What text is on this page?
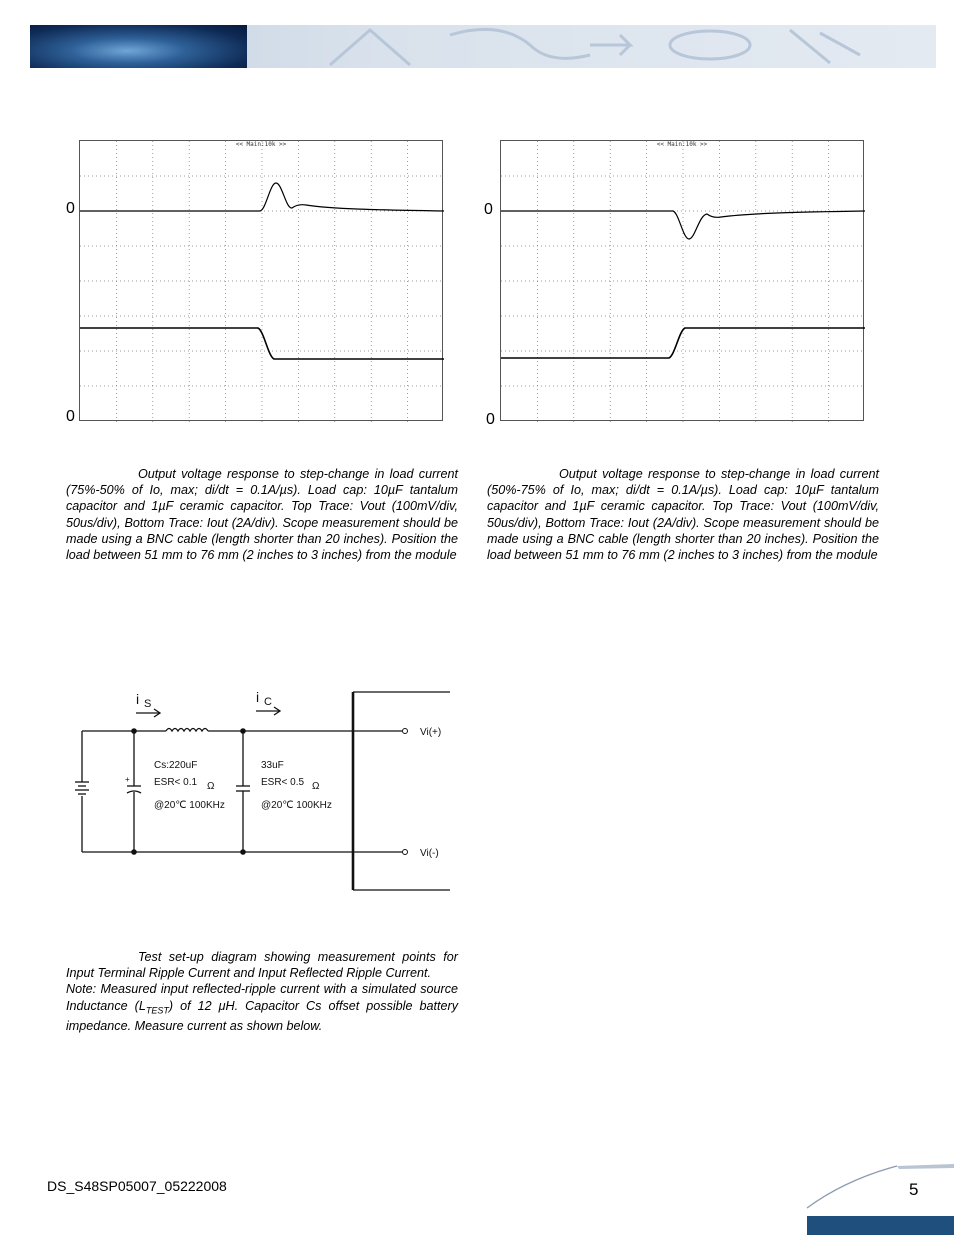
<< Main:10k >>
0
0
<< Main:10k >>
0
0

Output voltage response to step-change in load current (75%-50% of Io, max; di/dt = 0.1A/µs). Load cap: 10µF tantalum capacitor and 1µF ceramic capacitor. Top Trace: Vout (100mV/div, 50us/div), Bottom Trace: Iout (2A/div). Scope measurement should be made using a BNC cable (length shorter than 20 inches). Position the load between 51 mm to 76 mm (2 inches to 3 inches) from the module

Output voltage response to step-change in load current (50%-75% of Io, max; di/dt = 0.1A/µs). Load cap: 10µF tantalum capacitor and 1µF ceramic capacitor. Top Trace: Vout (100mV/div, 50us/div), Bottom Trace: Iout (2A/div). Scope measurement should be made using a BNC cable (length shorter than 20 inches). Position the load between 51 mm to 76 mm (2 inches to 3 inches) from the module

i S	i C
+
Cs:220uF
ESR< 0.1 Ω
@20℃ 100KHz
33uF
ESR< 0.5 Ω
@20℃ 100KHz
Vi(+)
Vi(-)

Test set-up diagram showing measurement points for Input Terminal Ripple Current and Input Reflected Ripple Current.
Note: Measured input reflected-ripple current with a simulated source Inductance $(L_{TEST})$ of 12 μH. Capacitor Cs offset possible battery impedance. Measure current as shown below.

DS_S48SP05007_05222008	5
